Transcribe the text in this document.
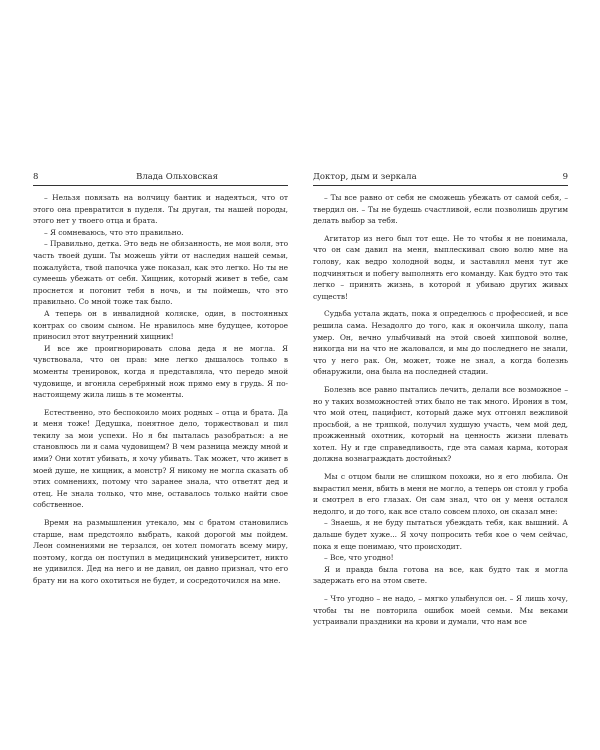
8	Влада Ольховская

– Нельзя повязать на волчицу бантик и надеяться, что от этого она превратится в пуделя. Ты другая, ты нашей породы, этого нет у твоего отца и брата.

– Я сомневаюсь, что это правильно.

– Правильно, детка. Это ведь не обязанность, не моя воля, это часть твоей души. Ты можешь уйти от наследия нашей семьи, пожалуйста, твой папочка уже показал, как это легко. Но ты не сумеешь убежать от себя. Хищник, который живет в тебе, сам проснется и погонит тебя в ночь, и ты поймешь, что это правильно. Со мной тоже так было.

А теперь он в инвалидной коляске, один, в постоянных контрах со своим сыном. Не нравилось мне будущее, которое приносил этот внутренний хищник!

И все же проигнорировать слова деда я не могла. Я чувствовала, что он прав: мне легко дышалось только в моменты тренировок, когда я представляла, что передо мной чудовище, и вгоняла серебряный нож прямо ему в грудь. Я по-настоящему жила лишь в те моменты.

Естественно, это беспокоило моих родных – отца и брата. Да и меня тоже! Дедушка, понятное дело, торжествовал и пил текилу за мои успехи. Но я бы пыталась разобраться: а не становлюсь ли я сама чудовищем? В чем разница между мной и ими? Они хотят убивать, я хочу убивать. Так может, что живет в моей душе, не хищник, а монстр? Я никому не могла сказать об этих сомнениях, потому что заранее знала, что ответят дед и отец. Не знала только, что мне, оставалось только найти свое собственное.

Время на размышления утекало, мы с братом становились старше, нам предстояло выбрать, какой дорогой мы пойдем. Леон сомнениями не терзался, он хотел помогать всему миру, поэтому, когда он поступил в медицинский университет, никто не удивился. Дед на него и не давил, он давно признал, что его брату ни на кого охотиться не будет, и сосредоточился на мне.

Доктор, дым и зеркала	9

– Ты все равно от себя не сможешь убежать от самой себя, – твердил он. – Ты не будешь счастливой, если позволишь другим делать выбор за тебя.

Агитатор из него был тот еще. Не то чтобы я не понимала, что он сам давил на меня, выплескивал свою волю мне на голову, как ведро холодной воды, и заставлял меня тут же подчиняться и побегу выполнять его команду. Как будто это так легко – принять жизнь, в которой я убиваю других живых существ!

Судьба устала ждать, пока я определюсь с профессией, и все решила сама. Незадолго до того, как я окончила школу, папа умер. Он, вечно улыбчивый на этой своей хипповой волне, никогда ни на что не жаловался, и мы до последнего не знали, что у него рак. Он, может, тоже не знал, а когда болезнь обнаружили, она была на последней стадии.

Болезнь все равно пытались лечить, делали все возможное – но у таких возможностей этих было не так много. Ирония в том, что мой отец, пацифист, который даже мух отгонял вежливой просьбой, а не тряпкой, получил худшую участь, чем мой дед, прожженный охотник, который на ценность жизни плевать хотел. Ну и где справедливость, где эта самая карма, которая должна вознаграждать достойных?

Мы с отцом были не слишком похожи, но я его любила. Он вырастил меня, вбить в меня не могло, а теперь он стоял у гроба и смотрел в его глазах. Он сам знал, что он у меня остался недолго, и до того, как все стало совсем плохо, он сказал мне:

– Знаешь, я не буду пытаться убеждать тебя, как вышний. А дальше будет хуже... Я хочу попросить тебя кое о чем сейчас, пока я еще понимаю, что происходит.

– Все, что угодно!

Я и правда была готова на все, как будто так я могла задержать его на этом свете.

– Что угодно – не надо, – мягко улыбнулся он. – Я лишь хочу, чтобы ты не повторила ошибок моей семьи. Мы веками устраивали праздники на крови и думали, что нам все
